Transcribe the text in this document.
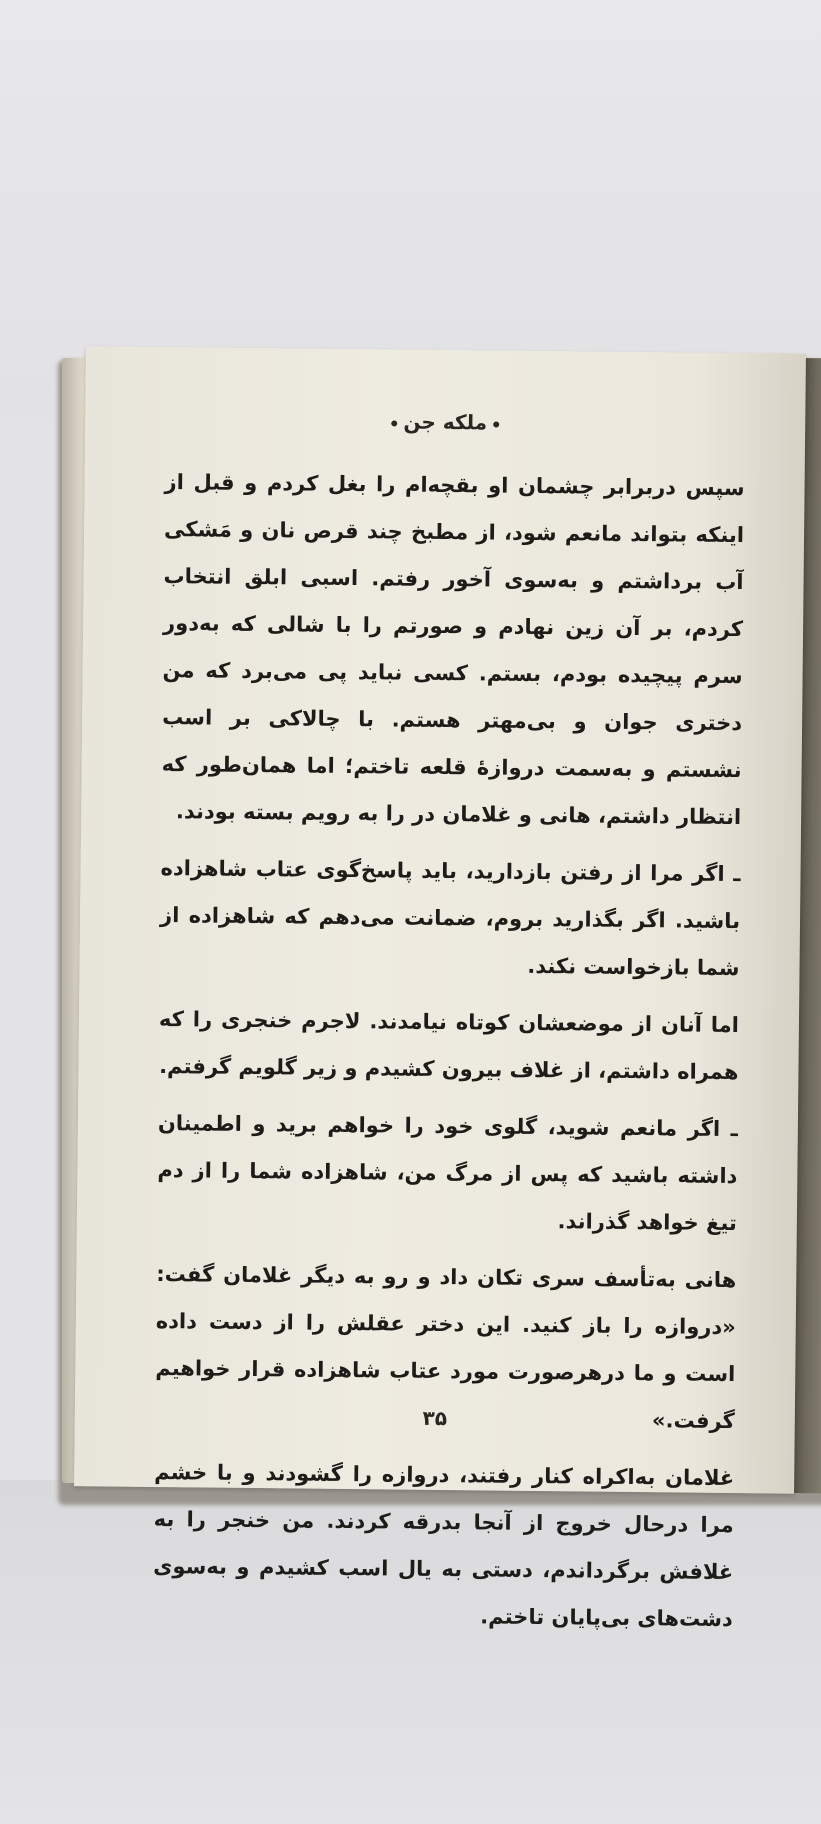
ملکه جن

سپس دربرابر چشمان او بقچه‌ام را بغل کردم و قبل از اینکه بتواند مانعم شود، از مطبخ چند قرص نان و مَشکی آب برداشتم و به‌سوی آخور رفتم. اسبی ابلق انتخاب کردم، بر آن زین نهادم و صورتم را با شالی که به‌دور سرم پیچیده بودم، بستم. کسی نباید پی می‌برد که من دختری جوان و بی‌مهتر هستم. با چالاکی بر اسب نشستم و به‌سمت دروازهٔ قلعه تاختم؛ اما همان‌طور که انتظار داشتم، هانی و غلامان در را به رویم بسته بودند.

ـ اگر مرا از رفتن بازدارید، باید پاسخ‌گوی عتاب شاهزاده باشید. اگر بگذارید بروم، ضمانت می‌دهم که شاهزاده از شما بازخواست نکند.

اما آنان از موضعشان کوتاه نیامدند. لاجرم خنجری را که همراه داشتم، از غلاف بیرون کشیدم و زیر گلویم گرفتم.

ـ اگر مانعم شوید، گلوی خود را خواهم برید و اطمینان داشته باشید که پس از مرگ من، شاهزاده شما را از دم تیغ خواهد گذراند.

هانی به‌تأسف سری تکان داد و رو به دیگر غلامان گفت: «دروازه را باز کنید. این دختر عقلش را از دست داده است و ما درهرصورت مورد عتاب شاهزاده قرار خواهیم گرفت.»

غلامان به‌اکراه کنار رفتند، دروازه را گشودند و با خشم مرا درحال خروج از آنجا بدرقه کردند. من خنجر را به غلافش برگرداندم، دستی به یال اسب کشیدم و به‌سوی دشت‌های بی‌پایان تاختم.

۳۵
